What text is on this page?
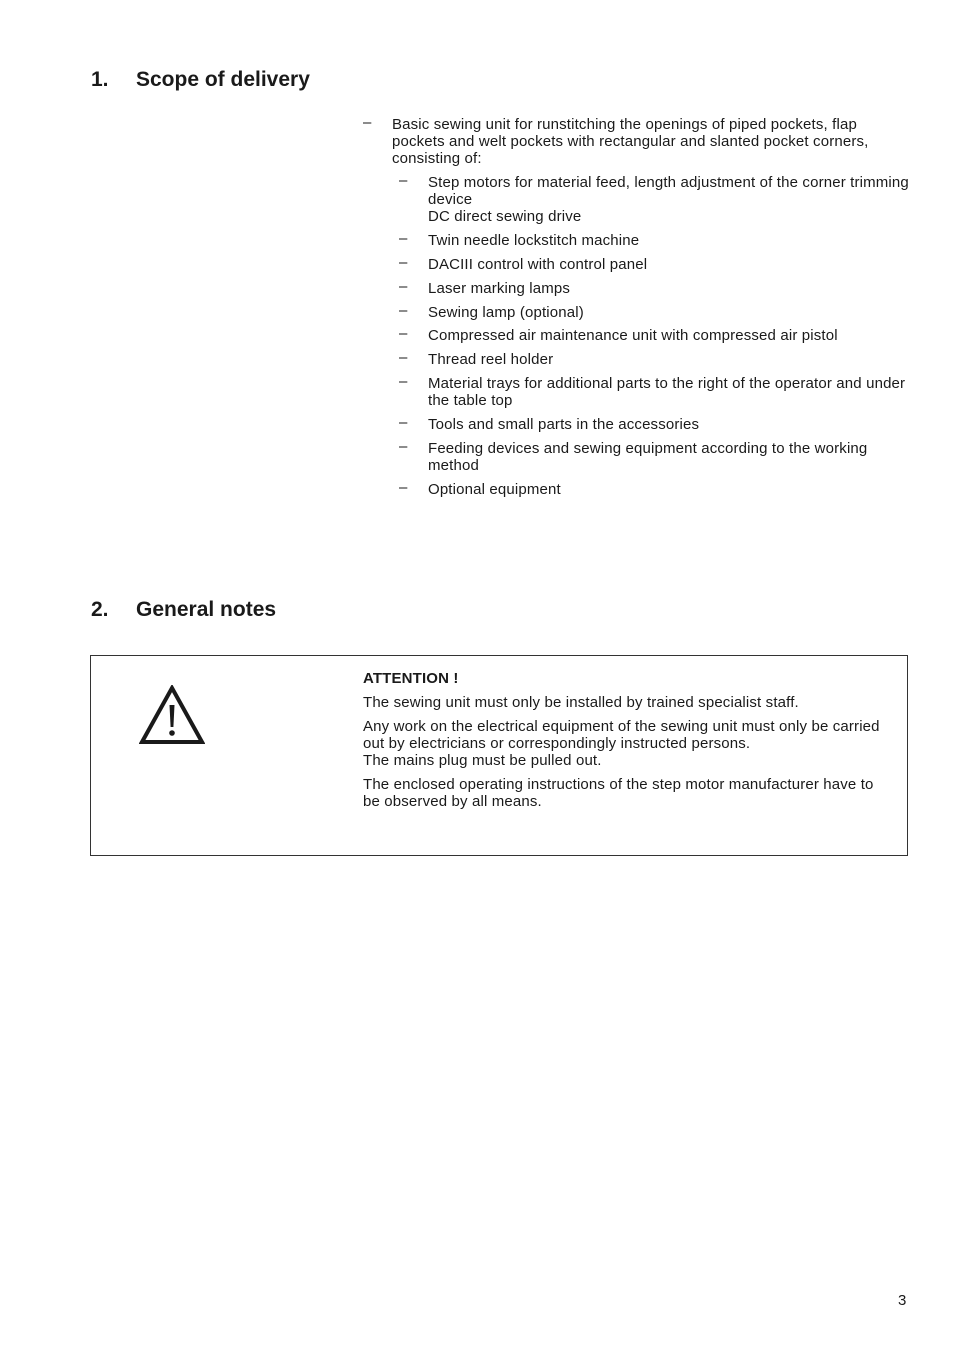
1. Scope of delivery
–	Basic sewing unit for runstitching the openings of piped pockets, flap pockets and welt pockets with rectangular and slanted pocket corners, consisting of:
– Step motors for material feed, length adjustment of the corner trimming device
DC direct sewing drive
– Twin needle lockstitch machine
– DACIII control with control panel
– Laser marking lamps
– Sewing lamp (optional)
– Compressed air maintenance unit with compressed air pistol
– Thread reel holder
– Material trays for additional parts to the right of the operator and under the table top
– Tools and small parts in the accessories
– Feeding devices and sewing equipment according to the working method
– Optional equipment
2. General notes

ATTENTION !

The sewing unit must only be installed by trained specialist staff.

Any work on the electrical equipment of the sewing unit must only be carried out by electricians or correspondingly instructed persons.
The mains plug must be pulled out.

The enclosed operating instructions of the step motor manufacturer have to be observed by all means.

3
